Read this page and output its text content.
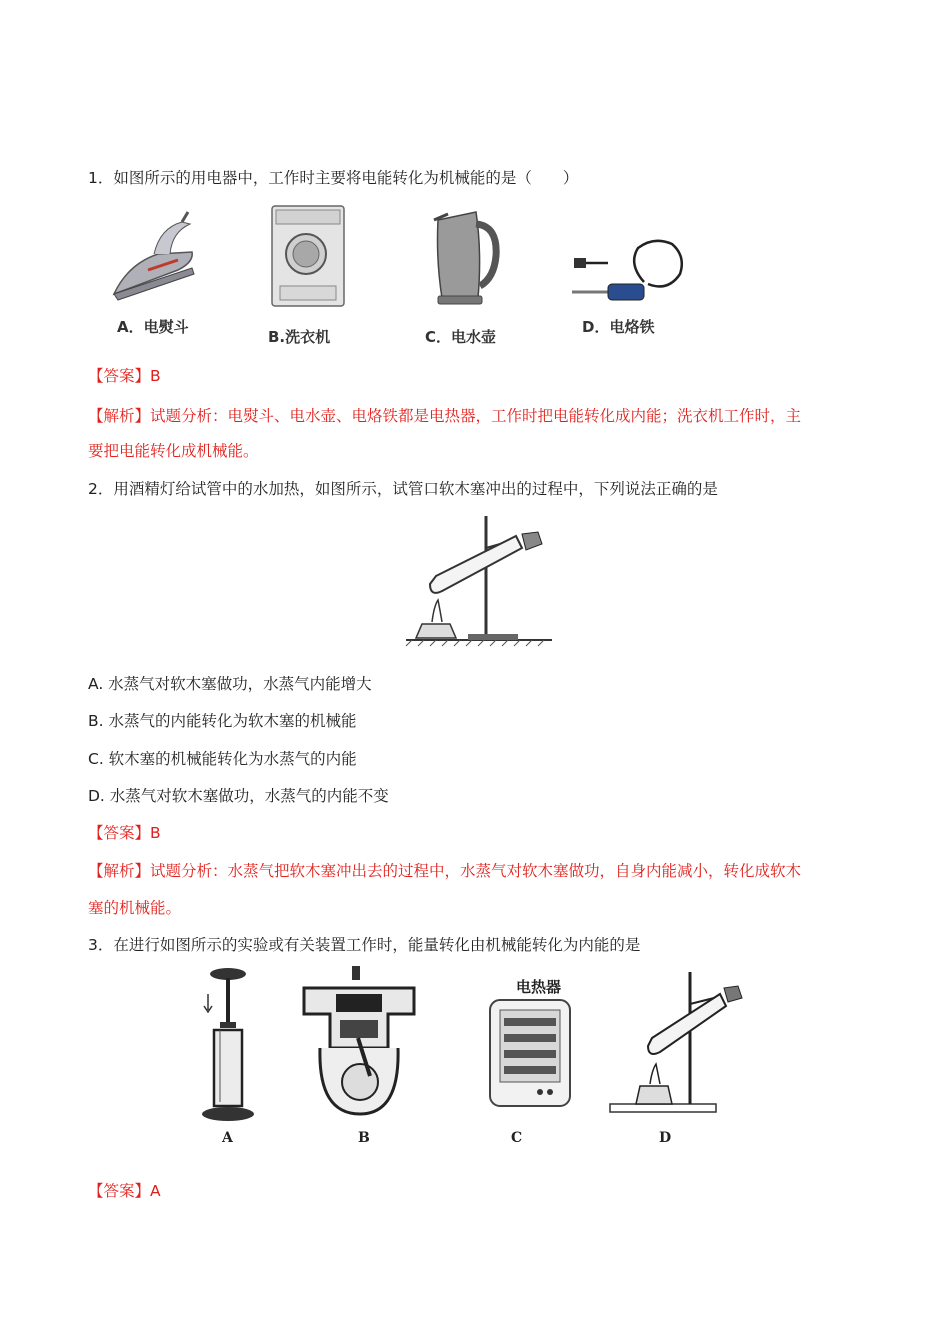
1．如图所示的用电器中，工作时主要将电能转化为机械能的是（　　）
A．电熨斗
B.洗衣机	C．电水壶
D．电烙铁
【答案】B
【解析】试题分析：电熨斗、电水壶、电烙铁都是电热器，工作时把电能转化成内能；洗衣机工作时，主
要把电能转化成机械能。
2．用酒精灯给试管中的水加热，如图所示，试管口软木塞冲出的过程中，下列说法正确的是
A. 水蒸气对软木塞做功，水蒸气内能增大
B. 水蒸气的内能转化为软木塞的机械能
C. 软木塞的机械能转化为水蒸气的内能
D. 水蒸气对软木塞做功，水蒸气的内能不变
【答案】B
【解析】试题分析：水蒸气把软木塞冲出去的过程中，水蒸气对软木塞做功，自身内能减小，转化成软木
塞的机械能。
3．在进行如图所示的实验或有关装置工作时，能量转化由机械能转化为内能的是
电热器
A	B	C	D
【答案】A
